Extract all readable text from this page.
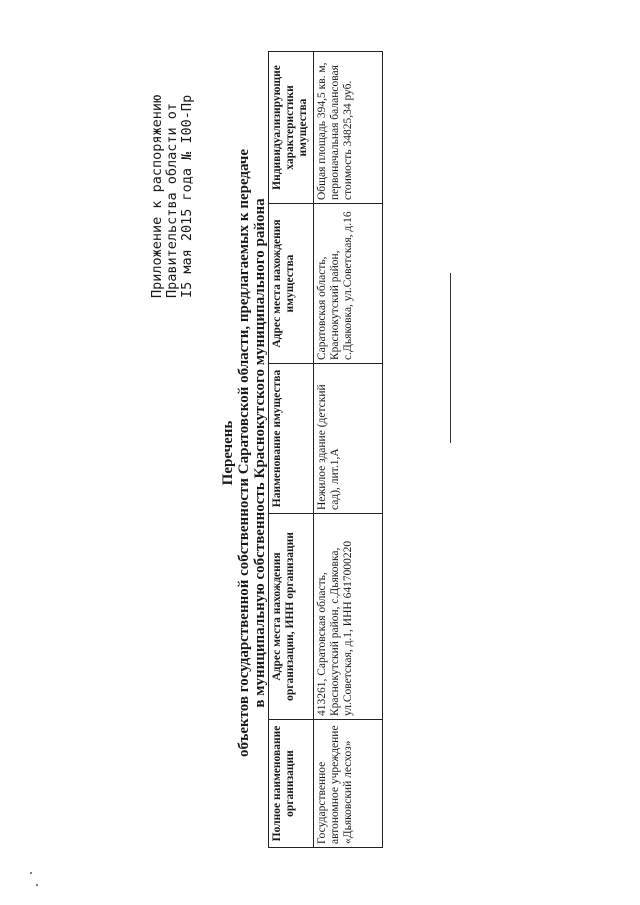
Приложение к распоряжению Правительства области от I5 мая 2015 года № I00-Пр
Перечень объектов государственной собственности Саратовской области, предлагаемых к передаче в муниципальную собственность Краснокутского муниципального района
Полное наименование организации	Адрес места нахождения организации, ИНН организации	Наименование имущества	Адрес места нахождения имущества	Индивидуализирующие характеристики имущества
Государственное автономное учреждение «Дьяковский лесхоз»	413261, Саратовская область, Краснокутский район, с.Дьяковка, ул.Советская, д.1, ИНН 6417000220	Нежилое здание (детский сад), лит.1,А	Саратовская область, Краснокутский район, с.Дьяковка, ул.Советская, д.16	Общая площадь 394,5 кв. м, первоначальная балансовая стоимость 34825,34 руб.
